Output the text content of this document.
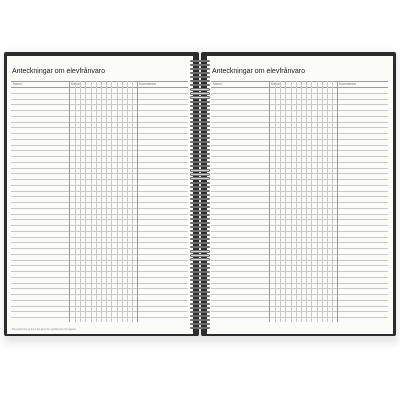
Anteckningar om elevfrånvaro
Namn	Datum	Kommentar
På elevtimmar.se finns det även fler sjukfrånvaro till material
Anteckningar om elevfrånvaro
Namn	Datum	Kommentar
